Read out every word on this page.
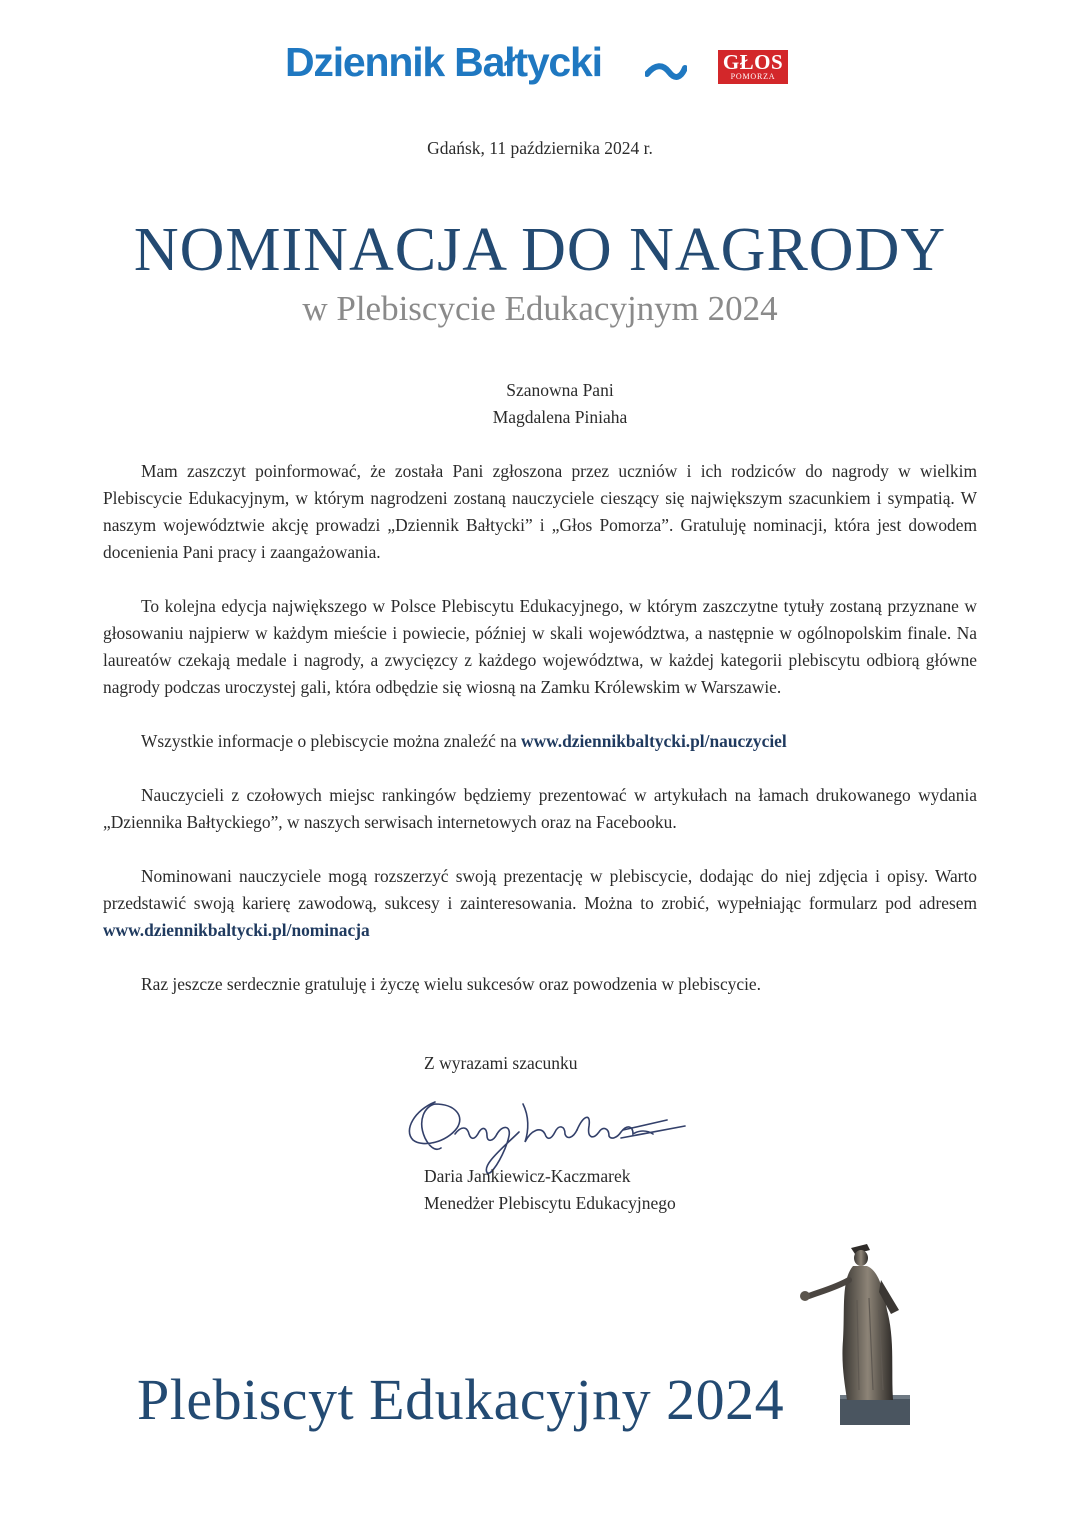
Dziennik Bałtycki	GŁOS
POMORZA
Gdańsk, 11 października 2024 r.
NOMINACJA DO NAGRODY
w Plebiscycie Edukacyjnym 2024
Szanowna Pani
Magdalena Piniaha

Mam zaszczyt poinformować, że została Pani zgłoszona przez uczniów i ich rodziców do nagrody w wielkim Plebiscycie Edukacyjnym, w którym nagrodzeni zostaną nauczyciele cieszący się największym szacunkiem i sympatią. W naszym województwie akcję prowadzi „Dziennik Bałtycki” i „Głos Pomorza”. Gratuluję nominacji, która jest dowodem docenienia Pani pracy i zaangażowania.

To kolejna edycja największego w Polsce Plebiscytu Edukacyjnego, w którym zaszczytne tytuły zostaną przyznane w głosowaniu najpierw w każdym mieście i powiecie, później w skali województwa, a następnie w ogólnopolskim finale. Na laureatów czekają medale i nagrody, a zwycięzcy z każdego województwa, w każdej kategorii plebiscytu odbiorą główne nagrody podczas uroczystej gali, która odbędzie się wiosną na Zamku Królewskim w Warszawie.

Wszystkie informacje o plebiscycie można znaleźć na www.dziennikbaltycki.pl/nauczyciel

Nauczycieli z czołowych miejsc rankingów będziemy prezentować w artykułach na łamach drukowanego wydania „Dziennika Bałtyckiego”, w naszych serwisach internetowych oraz na Facebooku.

Nominowani nauczyciele mogą rozszerzyć swoją prezentację w plebiscycie, dodając do niej zdjęcia i opisy. Warto przedstawić swoją karierę zawodową, sukcesy i zainteresowania. Można to zrobić, wypełniając formularz pod adresem www.dziennikbaltycki.pl/nominacja

Raz jeszcze serdecznie gratuluję i życzę wielu sukcesów oraz powodzenia w plebiscycie.

Z wyrazami szacunku
Daria Jankiewicz-Kaczmarek
Menedżer Plebiscytu Edukacyjnego
Plebiscyt Edukacyjny 2024
